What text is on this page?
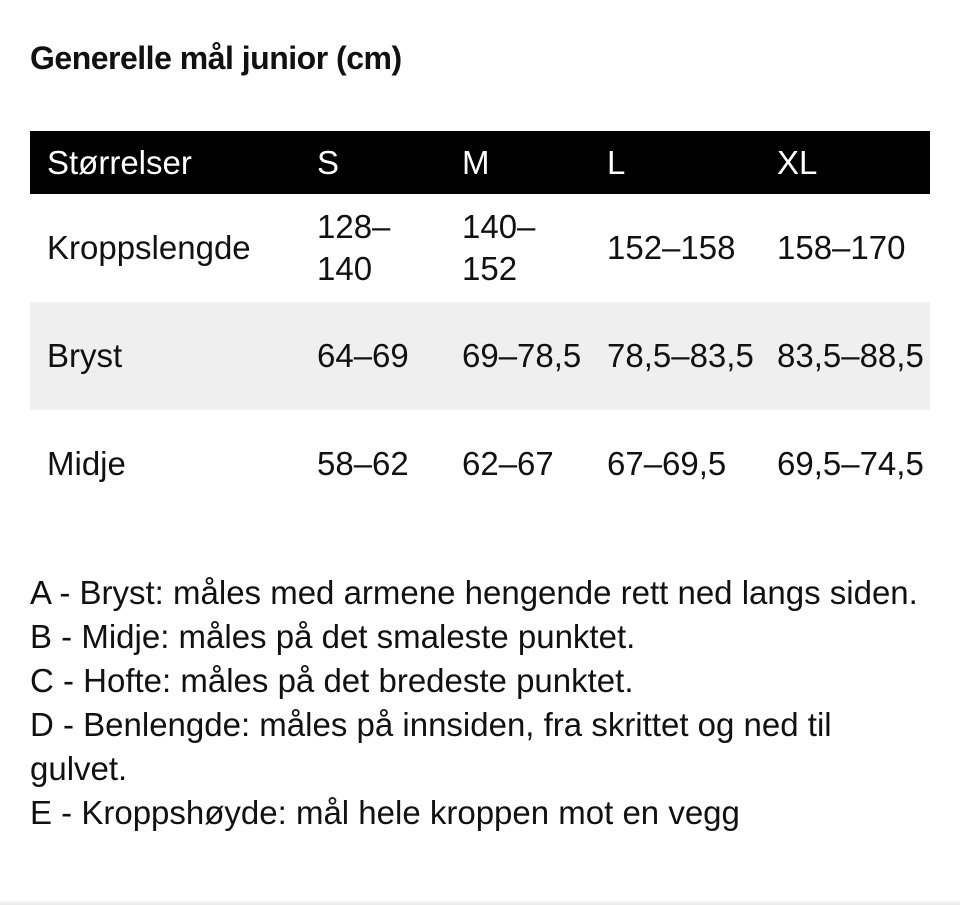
Generelle mål junior (cm)
Størrelser	S	M	L	XL
Kroppslengde	128–140	140–152	152–158	158–170
Bryst	64–69	69–78,5	78,5–83,5	83,5–88,5
Midje	58–62	62–67	67–69,5	69,5–74,5

A - Bryst: måles med armene hengende rett ned langs siden.

B - Midje: måles på det smaleste punktet.

C - Hofte: måles på det bredeste punktet.

D - Benlengde: måles på innsiden, fra skrittet og ned til gulvet.

E - Kroppshøyde: mål hele kroppen mot en vegg
